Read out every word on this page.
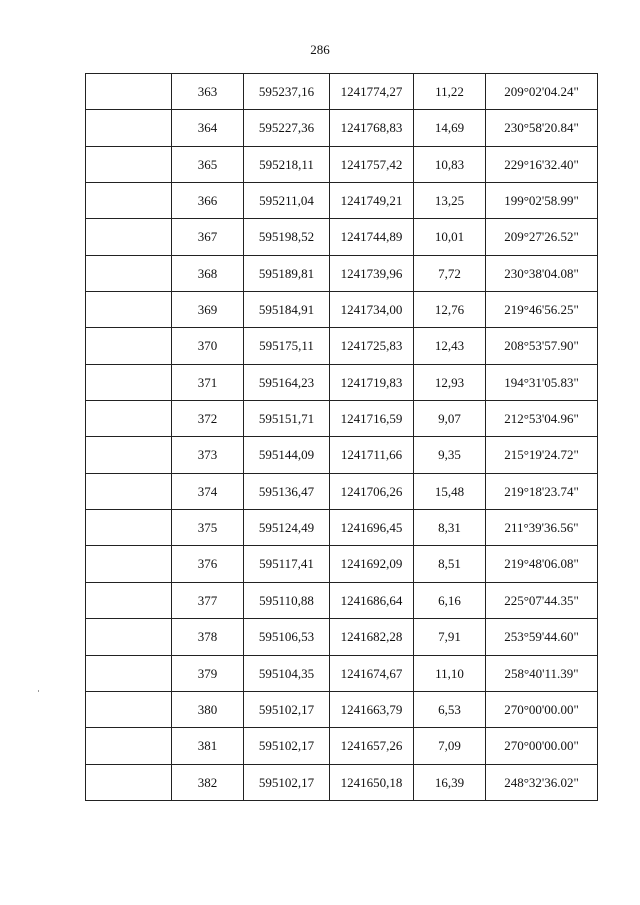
286
	363	595237,16	1241774,27	11,22	209°02'04.24"
	364	595227,36	1241768,83	14,69	230°58'20.84"
	365	595218,11	1241757,42	10,83	229°16'32.40"
	366	595211,04	1241749,21	13,25	199°02'58.99"
	367	595198,52	1241744,89	10,01	209°27'26.52"
	368	595189,81	1241739,96	7,72	230°38'04.08"
	369	595184,91	1241734,00	12,76	219°46'56.25"
	370	595175,11	1241725,83	12,43	208°53'57.90"
	371	595164,23	1241719,83	12,93	194°31'05.83"
	372	595151,71	1241716,59	9,07	212°53'04.96"
	373	595144,09	1241711,66	9,35	215°19'24.72"
	374	595136,47	1241706,26	15,48	219°18'23.74"
	375	595124,49	1241696,45	8,31	211°39'36.56"
	376	595117,41	1241692,09	8,51	219°48'06.08"
	377	595110,88	1241686,64	6,16	225°07'44.35"
	378	595106,53	1241682,28	7,91	253°59'44.60"
	379	595104,35	1241674,67	11,10	258°40'11.39"
	380	595102,17	1241663,79	6,53	270°00'00.00"
	381	595102,17	1241657,26	7,09	270°00'00.00"
	382	595102,17	1241650,18	16,39	248°32'36.02"
